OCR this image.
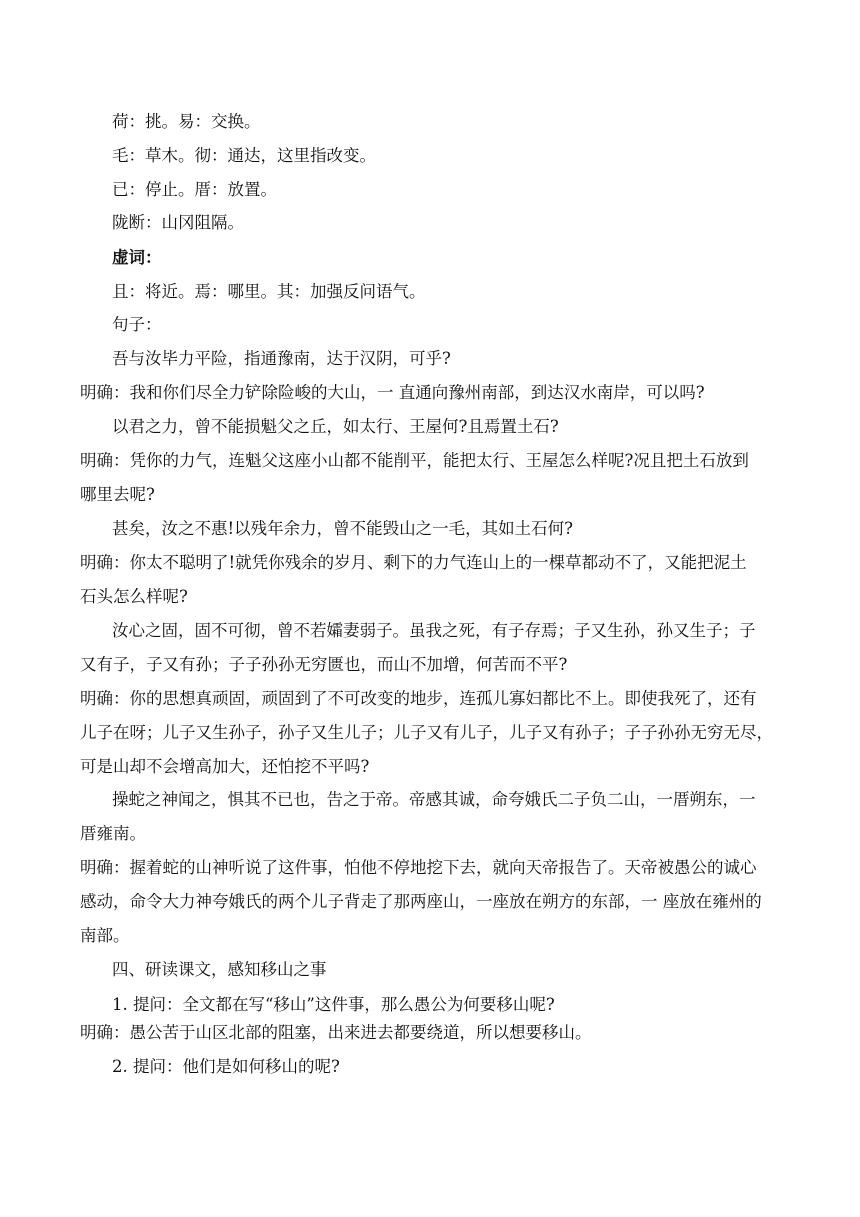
荷：挑。易：交换。
毛：草木。彻：通达，这里指改变。
已：停止。厝：放置。
陇断：山冈阻隔。
虚词：
且：将近。焉：哪里。其：加强反问语气。
句子：
吾与汝毕力平险，指通豫南，达于汉阴，可乎?
明确：我和你们尽全力铲除险峻的大山，一 直通向豫州南部，到达汉水南岸，可以吗?
以君之力，曾不能损魁父之丘，如太行、王屋何?且焉置土石?
明确：凭你的力气，连魁父这座小山都不能削平，能把太行、王屋怎么样呢?况且把土石放到
哪里去呢?
甚矣，汝之不惠!以残年余力，曾不能毁山之一毛，其如土石何?
明确：你太不聪明了!就凭你残余的岁月、剩下的力气连山上的一棵草都动不了，又能把泥土
石头怎么样呢?
汝心之固，固不可彻，曾不若孀妻弱子。虽我之死，有子存焉；子又生孙，孙又生子；子
又有子，子又有孙；子子孙孙无穷匮也，而山不加增，何苦而不平?
明确：你的思想真顽固，顽固到了不可改变的地步，连孤儿寡妇都比不上。即使我死了，还有
儿子在呀；儿子又生孙子，孙子又生儿子；儿子又有儿子，儿子又有孙子；子子孙孙无穷无尽，
可是山却不会增高加大，还怕挖不平吗?
操蛇之神闻之，惧其不已也，告之于帝。帝感其诚，命夸娥氏二子负二山，一厝朔东，一
厝雍南。
明确：握着蛇的山神听说了这件事，怕他不停地挖下去，就向天帝报告了。天帝被愚公的诚心
感动，命令大力神夸娥氏的两个儿子背走了那两座山，一座放在朔方的东部，一 座放在雍州的
南部。
四、研读课文，感知移山之事
1. 提问：全文都在写“移山”这件事，那么愚公为何要移山呢?
明确：愚公苦于山区北部的阻塞，出来进去都要绕道，所以想要移山。
2. 提问：他们是如何移山的呢?
